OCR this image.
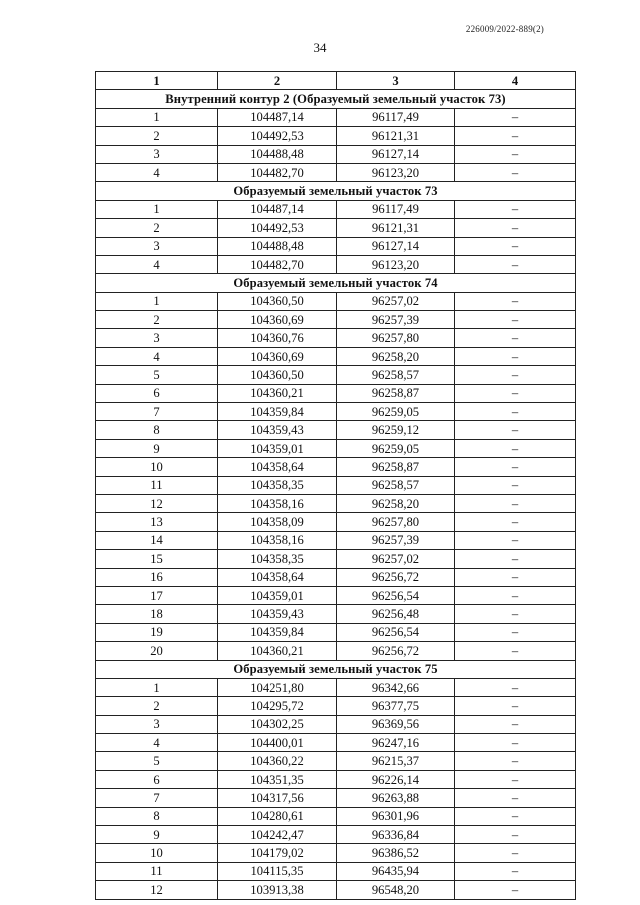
226009/2022-889(2)
34
1	2	3	4
Внутренний контур 2 (Образуемый земельный участок 73)			
1	104487,14	96117,49	–
2	104492,53	96121,31	–
3	104488,48	96127,14	–
4	104482,70	96123,20	–
Образуемый земельный участок 73			
1	104487,14	96117,49	–
2	104492,53	96121,31	–
3	104488,48	96127,14	–
4	104482,70	96123,20	–
Образуемый земельный участок 74			
1	104360,50	96257,02	–
2	104360,69	96257,39	–
3	104360,76	96257,80	–
4	104360,69	96258,20	–
5	104360,50	96258,57	–
6	104360,21	96258,87	–
7	104359,84	96259,05	–
8	104359,43	96259,12	–
9	104359,01	96259,05	–
10	104358,64	96258,87	–
11	104358,35	96258,57	–
12	104358,16	96258,20	–
13	104358,09	96257,80	–
14	104358,16	96257,39	–
15	104358,35	96257,02	–
16	104358,64	96256,72	–
17	104359,01	96256,54	–
18	104359,43	96256,48	–
19	104359,84	96256,54	–
20	104360,21	96256,72	–
Образуемый земельный участок 75			
1	104251,80	96342,66	–
2	104295,72	96377,75	–
3	104302,25	96369,56	–
4	104400,01	96247,16	–
5	104360,22	96215,37	–
6	104351,35	96226,14	–
7	104317,56	96263,88	–
8	104280,61	96301,96	–
9	104242,47	96336,84	–
10	104179,02	96386,52	–
11	104115,35	96435,94	–
12	103913,38	96548,20	–
